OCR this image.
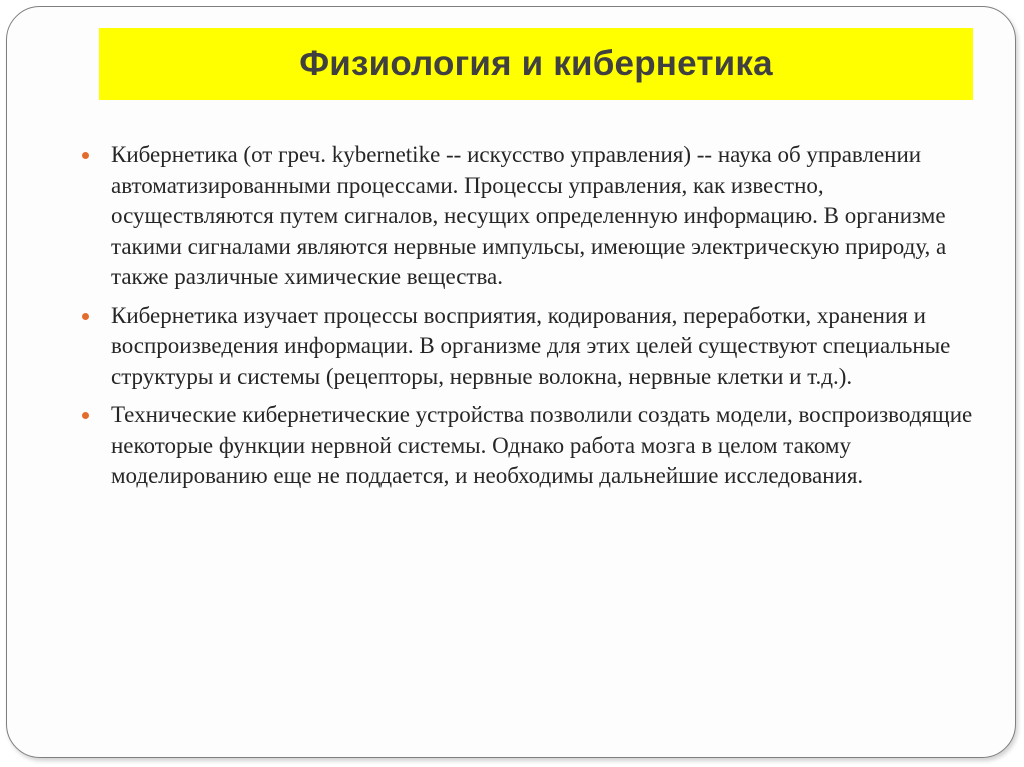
Физиология и кибернетика
Кибернетика (от греч. kybernetike -- искусство управления) -- наука об управлении автоматизированными процессами. Процессы управления, как известно, осуществляются путем сигналов, несущих определенную информацию. В организме такими сигналами являются нервные импульсы, имеющие электрическую природу, а также различные химические вещества.
Кибернетика изучает процессы восприятия, кодирования, переработки, хранения и воспроизведения информации. В организме для этих целей существуют специальные структуры и системы (рецепторы, нервные волокна, нервные клетки и т.д.).
Технические кибернетические устройства позволили создать модели, воспроизводящие некоторые функции нервной системы. Однако работа мозга в целом такому моделированию еще не поддается, и необходимы дальнейшие исследования.
